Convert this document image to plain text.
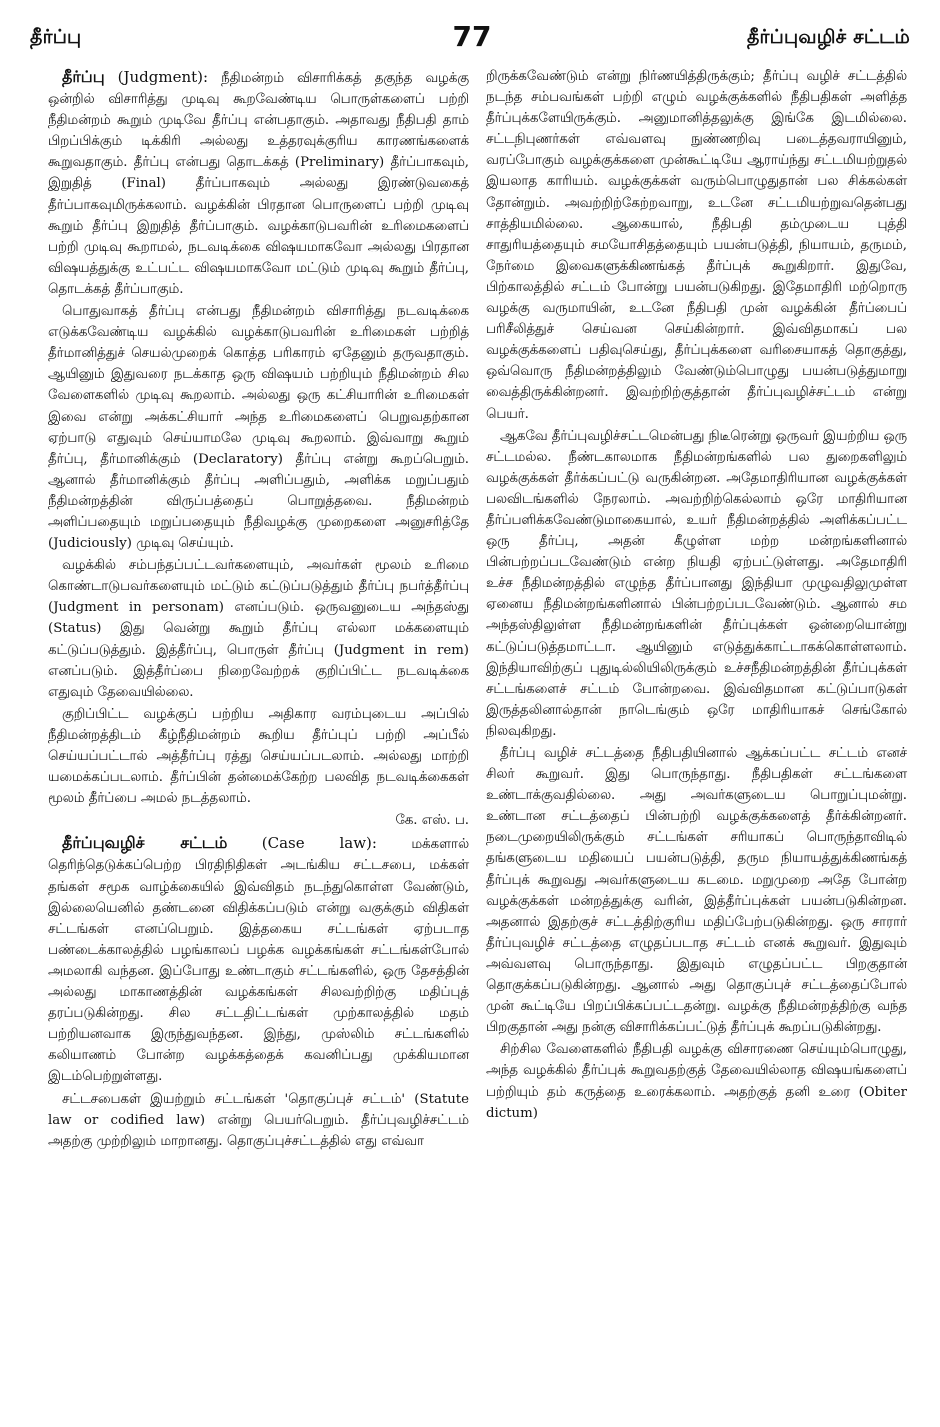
தீர்ப்பு	77	தீர்ப்புவழிச் சட்டம்

தீர்ப்பு (Judgment): நீதிமன்றம் விசாரிக்கத் தகுந்த வழக்கு ஒன்றில் விசாரித்து முடிவு கூறவேண்டிய பொருள்களைப் பற்றி நீதிமன்றம் கூறும் முடிவே தீர்ப்பு என்பதாகும். அதாவது நீதிபதி தாம் பிறப்பிக்கும் டிக்கிரி அல்லது உத்தரவுக்குரிய காரணங்களைக் கூறுவதாகும். தீர்ப்பு என்பது தொடக்கத் (Preliminary) தீர்ப்பாகவும், இறுதித் (Final) தீர்ப்பாகவும் அல்லது இரண்டுவகைத் தீர்ப்பாகவுமிருக்கலாம். வழக்கின் பிரதான பொருளைப் பற்றி முடிவு கூறும் தீர்ப்பு இறுதித் தீர்ப்பாகும். வழக்காடுபவரின் உரிமைகளைப் பற்றி முடிவு கூறாமல், நடவடிக்கை விஷயமாகவோ அல்லது பிரதான விஷயத்துக்கு உட்பட்ட விஷயமாகவோ மட்டும் முடிவு கூறும் தீர்ப்பு, தொடக்கத் தீர்ப்பாகும்.

பொதுவாகத் தீர்ப்பு என்பது நீதிமன்றம் விசாரித்து நடவடிக்கை எடுக்கவேண்டிய வழக்கில் வழக்காடுபவரின் உரிமைகள் பற்றித் தீர்மானித்துச் செயல்முறைக் கொத்த பரிகாரம் ஏதேனும் தருவதாகும். ஆயினும் இதுவரை நடக்காத ஒரு விஷயம் பற்றியும் நீதிமன்றம் சில வேளைகளில் முடிவு கூறலாம். அல்லது ஒரு கட்சியாரின் உரிமைகள் இவை என்று அக்கட்சியார் அந்த உரிமைகளைப் பெறுவதற்கான ஏற்பாடு எதுவும் செய்யாமலே முடிவு கூறலாம். இவ்வாறு கூறும் தீர்ப்பு, தீர்மானிக்கும் (Declaratory) தீர்ப்பு என்று கூறப்பெறும். ஆனால் தீர்மானிக்கும் தீர்ப்பு அளிப்பதும், அளிக்க மறுப்பதும் நீதிமன்றத்தின் விருப்பத்தைப் பொறுத்தவை. நீதிமன்றம் அளிப்பதையும் மறுப்பதையும் நீதிவழக்கு முறைகளை அனுசரித்தே (Judiciously) முடிவு செய்யும்.

வழக்கில் சம்பந்தப்பட்டவர்களையும், அவர்கள் மூலம் உரிமை கொண்டாடுபவர்களையும் மட்டும் கட்டுப்படுத்தும் தீர்ப்பு நபர்த்தீர்ப்பு (Judgment in personam) எனப்படும். ஒருவனுடைய அந்தஸ்து (Status) இது வென்று கூறும் தீர்ப்பு எல்லா மக்களையும் கட்டுப்படுத்தும். இத்தீர்ப்பு, பொருள் தீர்ப்பு (Judgment in rem) எனப்படும். இத்தீர்ப்பை நிறைவேற்றக் குறிப்பிட்ட நடவடிக்கை எதுவும் தேவையில்லை.

குறிப்பிட்ட வழக்குப் பற்றிய அதிகார வரம்புடைய அப்பில் நீதிமன்றத்திடம் கீழ்நீதிமன்றம் கூறிய தீர்ப்புப் பற்றி அப்பீல் செய்யப்பட்டால் அத்தீர்ப்பு ரத்து செய்யப்படலாம். அல்லது மாற்றி யமைக்கப்படலாம். தீர்ப்பின் தன்மைக்கேற்ற பலவித நடவடிக்கைகள் மூலம் தீர்ப்பை அமல் நடத்தலாம்.

கே. எஸ். ப.

தீர்ப்புவழிச் சட்டம் (Case law):	மக்களால் தெரிந்தெடுக்கப்பெற்ற பிரதிநிதிகள் அடங்கிய சட்டசபை, மக்கள் தங்கள் சமூக வாழ்க்கையில் இவ்விதம் நடந்துகொள்ள வேண்டும், இல்லையெனில் தண்டனை விதிக்கப்படும் என்று வகுக்கும் விதிகள் சட்டங்கள் எனப்பெறும். இத்தகைய சட்டங்கள் ஏற்படாத பண்டைக்காலத்தில் பழங்காலப் பழக்க வழக்கங்கள் சட்டங்கள்போல் அமலாகி வந்தன. இப்போது உண்டாகும் சட்டங்களில், ஒரு தேசத்தின் அல்லது மாகாணத்தின் வழக்கங்கள் சிலவற்றிற்கு மதிப்புத் தரப்படுகின்றது. சில சட்டதிட்டங்கள் முற்காலத்தில் மதம் பற்றியனவாக இருந்துவந்தன. இந்து, முஸ்லிம் சட்டங்களில் கலியாணம் போன்ற வழக்கத்தைக் கவனிப்பது முக்கியமான இடம்பெற்றுள்ளது.

சட்டசபைகள் இயற்றும் சட்டங்கள் 'தொகுப்புச் சட்டம்' (Statute law or codified law) என்று பெயர்பெறும். தீர்ப்புவழிச்சட்டம் அதற்கு முற்றிலும் மாறானது. தொகுப்புச்சட்டத்தில் எது எவ்வா

றிருக்கவேண்டும் என்று நிர்ணயித்திருக்கும்; தீர்ப்பு வழிச் சட்டத்தில் நடந்த சம்பவங்கள் பற்றி எழும் வழக்குக்களில் நீதிபதிகள் அளித்த தீர்ப்புக்களேயிருக்கும். அனுமானித்தலுக்கு இங்கே இடமில்லை. சட்டநிபுணர்கள் எவ்வளவு நுண்ணறிவு படைத்தவராயினும், வரப்போகும் வழக்குக்களை முன்கூட்டியே ஆராய்ந்து சட்டமியற்றுதல் இயலாத காரியம். வழக்குக்கள் வரும்பொழுதுதான் பல சிக்கல்கள் தோன்றும். அவற்றிற்கேற்றவாறு, உடனே சட்டமியற்றுவதென்பது சாத்தியமில்லை. ஆகையால், நீதிபதி தம்முடைய புத்தி சாதுரியத்தையும் சமயோசிதத்தையும் பயன்படுத்தி, நியாயம், தருமம், நேர்மை இவைகளுக்கிணங்கத் தீர்ப்புக் கூறுகிறார். இதுவே, பிற்காலத்தில் சட்டம் போன்று பயன்படுகிறது. இதேமாதிரி மற்றொரு வழக்கு வருமாயின், உடனே நீதிபதி முன் வழக்கின் தீர்ப்பைப் பரிசீலித்துச் செய்வன செய்கின்றார். இவ்விதமாகப் பல வழக்குக்களைப் பதிவுசெய்து, தீர்ப்புக்களை வரிசையாகத் தொகுத்து, ஒவ்வொரு நீதிமன்றத்திலும் வேண்டும்பொழுது பயன்படுத்துமாறு வைத்திருக்கின்றனர். இவற்றிற்குத்தான் தீர்ப்புவழிச்சட்டம் என்று பெயர்.

ஆகவே தீர்ப்புவழிச்சட்டமென்பது நிடீரென்று ஒருவர் இயற்றிய ஒரு சட்டமல்ல. நீண்டகாலமாக நீதிமன்றங்களில் பல துறைகளிலும் வழக்குக்கள் தீர்க்கப்பட்டு வருகின்றன. அதேமாதிரியான வழக்குக்கள் பலவிடங்களில் நேரலாம். அவற்றிற்கெல்லாம் ஒரே மாதிரியான தீர்ப்பளிக்கவேண்டுமாகையால், உயர் நீதிமன்றத்தில் அளிக்கப்பட்ட ஒரு தீர்ப்பு, அதன் கீழுள்ள மற்ற மன்றங்களினால் பின்பற்றப்படவேண்டும் என்ற நியதி ஏற்பட்டுள்ளது. அதேமாதிரி உச்ச நீதிமன்றத்தில் எழுந்த தீர்ப்பானது இந்தியா முழுவதிலுமுள்ள ஏனைய நீதிமன்றங்களினால் பின்பற்றப்படவேண்டும். ஆனால் சம அந்தஸ்திலுள்ள நீதிமன்றங்களின் தீர்ப்புக்கள் ஒன்றையொன்று கட்டுப்படுத்தமாட்டா. ஆயினும் எடுத்துக்காட்டாகக்கொள்ளலாம். இந்தியாவிற்குப் புதுடில்லியிலிருக்கும் உச்சநீதிமன்றத்தின் தீர்ப்புக்கள் சட்டங்களைச் சட்டம் போன்றவை. இவ்விதமான கட்டுப்பாடுகள் இருத்தலினால்தான் நாடெங்கும் ஒரே மாதிரியாகச் செங்கோல் நிலவுகிறது.

தீர்ப்பு வழிச் சட்டத்தை நீதிபதியினால் ஆக்கப்பட்ட சட்டம் எனச் சிலர் கூறுவர். இது பொருந்தாது. நீதிபதிகள் சட்டங்களை உண்டாக்குவதில்லை. அது அவர்களுடைய பொறுப்புமன்று. உண்டான சட்டத்தைப் பின்பற்றி வழக்குக்களைத் தீர்க்கின்றனர். நடைமுறையிலிருக்கும் சட்டங்கள் சரியாகப் பொருந்தாவிடில் தங்களுடைய மதியைப் பயன்படுத்தி, தரும நியாயத்துக்கிணங்கத் தீர்ப்புக் கூறுவது அவர்களுடைய கடமை. மறுமுறை அதே போன்ற வழக்குக்கள் மன்றத்துக்கு வரின், இத்தீர்ப்புக்கள் பயன்படுகின்றன. அதனால் இதற்குச் சட்டத்திற்குரிய மதிப்பேற்படுகின்றது. ஒரு சாரார் தீர்ப்புவழிச் சட்டத்தை எழுதப்படாத சட்டம் எனக் கூறுவர். இதுவும் அவ்வளவு பொருந்தாது. இதுவும் எழுதப்பட்ட பிறகுதான் தொகுக்கப்படுகின்றது. ஆனால் அது தொகுப்புச் சட்டத்தைப்போல் முன் கூட்டியே பிறப்பிக்கப்பட்டதன்று. வழக்கு நீதிமன்றத்திற்கு வந்த பிறகுதான் அது நன்கு விசாரிக்கப்பட்டுத் தீர்ப்புக் கூறப்படுகின்றது.

சிற்சில வேளைகளில் நீதிபதி வழக்கு விசாரணை செய்யும்பொழுது, அந்த வழக்கில் தீர்ப்புக் கூறுவதற்குத் தேவையில்லாத விஷயங்களைப் பற்றியும் தம் கருத்தை உரைக்கலாம். அதற்குத் தனி உரை (Obiter dictum)
